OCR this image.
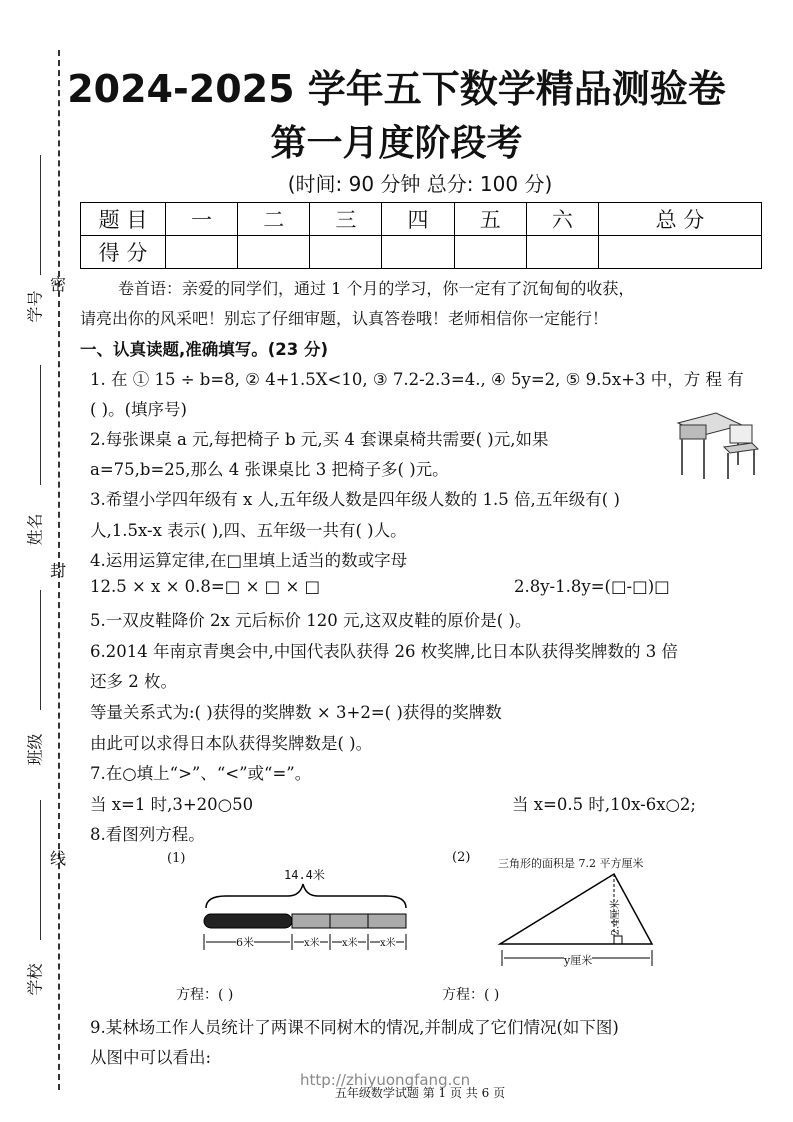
学号
密
姓名
封
班级
线
学校
2024-2025 学年五下数学精品测验卷
第一月度阶段考
(时间: 90 分钟 总分: 100 分)
题 目	一	二	三	四	五	六	总 分
得 分							
卷首语：亲爱的同学们，通过 1 个月的学习，你一定有了沉甸甸的收获，
请亮出你的风采吧！别忘了仔细审题，认真答卷哦！老师相信你一定能行！
一、认真读题,准确填写。(23 分)
1. 在 ① 15 ÷ b=8, ② 4+1.5X<10, ③ 7.2-2.3=4., ④ 5y=2, ⑤ 9.5x+3 中，方 程 有
( )。(填序号)
2.每张课桌 a 元,每把椅子 b 元,买 4 套课桌椅共需要( )元,如果
a=75,b=25,那么 4 张课桌比 3 把椅子多( )元。
3.希望小学四年级有 x 人,五年级人数是四年级人数的 1.5 倍,五年级有( )
人,1.5x-x 表示( ),四、五年级一共有( )人。
4.运用运算定律,在□里填上适当的数或字母
12.5 × x × 0.8=□ × □ × □	2.8y-1.8y=(□-□)□
5.一双皮鞋降价 2x 元后标价 120 元,这双皮鞋的原价是( )。
6.2014 年南京青奥会中,中国代表队获得 26 枚奖牌,比日本队获得奖牌数的 3 倍
还多 2 枚。
等量关系式为:( )获得的奖牌数 × 3+2=( )获得的奖牌数
由此可以求得日本队获得奖牌数是( )。
7.在○填上“>”、“<”或“=”。
当 x=1 时,3+20○50	当 x=0.5 时,10x-6x○2;
8.看图列方程。
(1)
14.4米
6米	x米 x米 x米
(2)	三角形的面积是 7.2 平方厘米
2.4厘米
y厘米
方程：( )	方程：( )
9.某林场工作人员统计了两课不同树木的情况,并制成了它们情况(如下图)
从图中可以看出:
http://zhiyuongfang.cn
五年级数学试题 第 1 页 共 6 页
